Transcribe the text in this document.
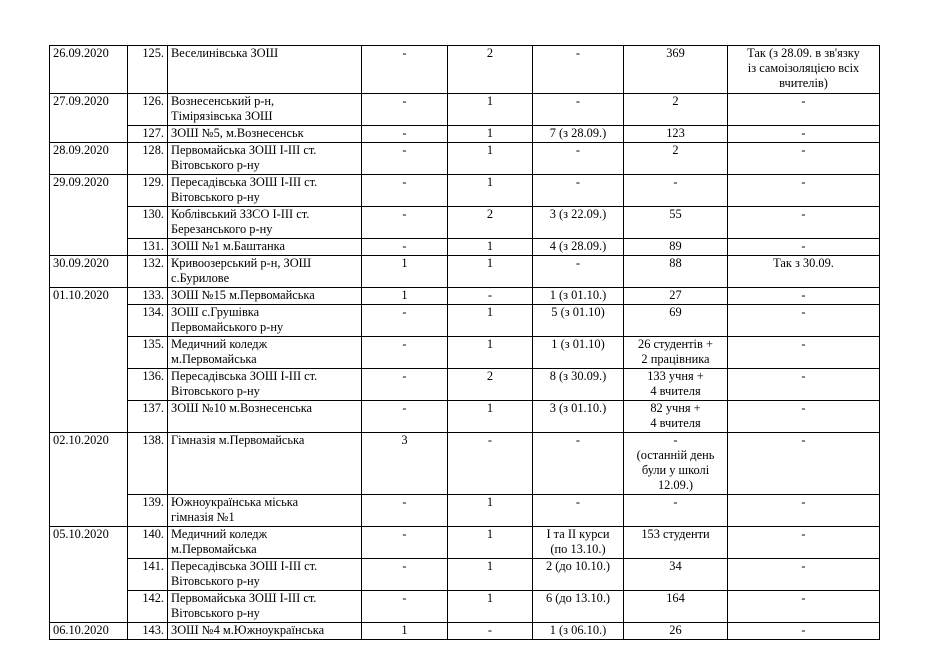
26.09.2020	125.	Веселинівська ЗОШ	-	2	-	369	Так (з 28.09. в зв'язку
із самоізоляцією всіх
вчителів)
27.09.2020	126.	Вознесенський р-н,
Тімірязівська ЗОШ	-	1	-	2	-
	127.	ЗОШ №5, м.Вознесенськ	-	1	7 (з 28.09.)	123	-
28.09.2020	128.	Первомайська ЗОШ І-ІІІ ст.
Вітовського р-ну	-	1	-	2	-
29.09.2020	129.	Пересадівська ЗОШ І-ІІІ ст.
Вітовського р-ну	-	1	-	-	-
	130.	Коблівський ЗЗСО І-ІІІ ст.
Березанського р-ну	-	2	3 (з 22.09.)	55	-
	131.	ЗОШ №1 м.Баштанка	-	1	4 (з 28.09.)	89	-
30.09.2020	132.	Кривоозерський р-н, ЗОШ
с.Бурилове	1	1	-	88	Так з 30.09.
01.10.2020	133.	ЗОШ №15 м.Первомайська	1	-	1 (з 01.10.)	27	-
	134.	ЗОШ с.Грушівка
Первомайського р-ну	-	1	5 (з 01.10)	69	-
	135.	Медичний коледж
м.Первомайська	-	1	1 (з 01.10)	26 студентів +
2 працівника	-
	136.	Пересадівська ЗОШ І-ІІІ ст.
Вітовського р-ну	-	2	8 (з 30.09.)	133 учня +
4 вчителя	-
	137.	ЗОШ №10 м.Вознесенська	-	1	3 (з 01.10.)	82 учня +
4 вчителя	-
02.10.2020	138.	Гімназія м.Первомайська	3	-	-	-
(останній день
були у школі
12.09.)	-
	139.	Южноукраїнська міська
гімназія №1	-	1	-	-	-
05.10.2020	140.	Медичний коледж
м.Первомайська	-	1	І та ІІ курси
(по 13.10.)	153 студенти	-
	141.	Пересадівська ЗОШ І-ІІІ ст.
Вітовського р-ну	-	1	2 (до 10.10.)	34	-
	142.	Первомайська ЗОШ І-ІІІ ст.
Вітовського р-ну	-	1	6 (до 13.10.)	164	-
06.10.2020	143.	ЗОШ №4 м.Южноукраїнська	1	-	1 (з 06.10.)	26	-
